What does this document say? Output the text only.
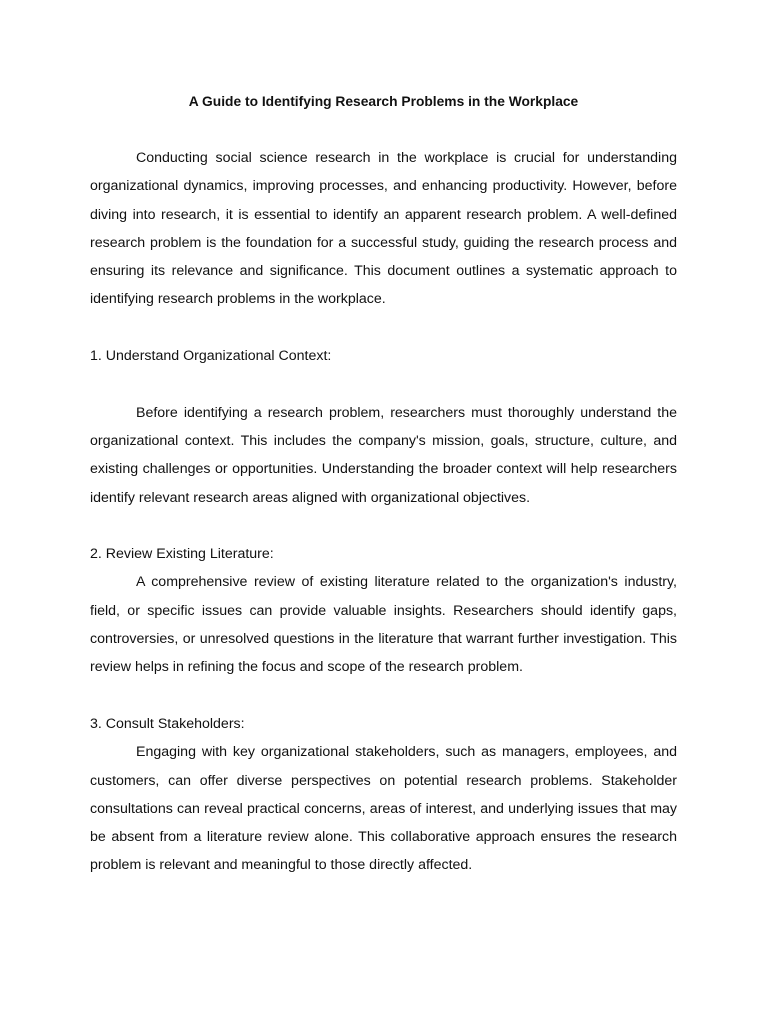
A Guide to Identifying Research Problems in the Workplace

Conducting social science research in the workplace is crucial for understanding organizational dynamics, improving processes, and enhancing productivity. However, before diving into research, it is essential to identify an apparent research problem. A well-defined research problem is the foundation for a successful study, guiding the research process and ensuring its relevance and significance. This document outlines a systematic approach to identifying research problems in the workplace.

1. Understand Organizational Context:

Before identifying a research problem, researchers must thoroughly understand the organizational context. This includes the company's mission, goals, structure, culture, and existing challenges or opportunities. Understanding the broader context will help researchers identify relevant research areas aligned with organizational objectives.

2. Review Existing Literature:

A comprehensive review of existing literature related to the organization's industry, field, or specific issues can provide valuable insights. Researchers should identify gaps, controversies, or unresolved questions in the literature that warrant further investigation. This review helps in refining the focus and scope of the research problem.

3. Consult Stakeholders:

Engaging with key organizational stakeholders, such as managers, employees, and customers, can offer diverse perspectives on potential research problems. Stakeholder consultations can reveal practical concerns, areas of interest, and underlying issues that may be absent from a literature review alone. This collaborative approach ensures the research problem is relevant and meaningful to those directly affected.
